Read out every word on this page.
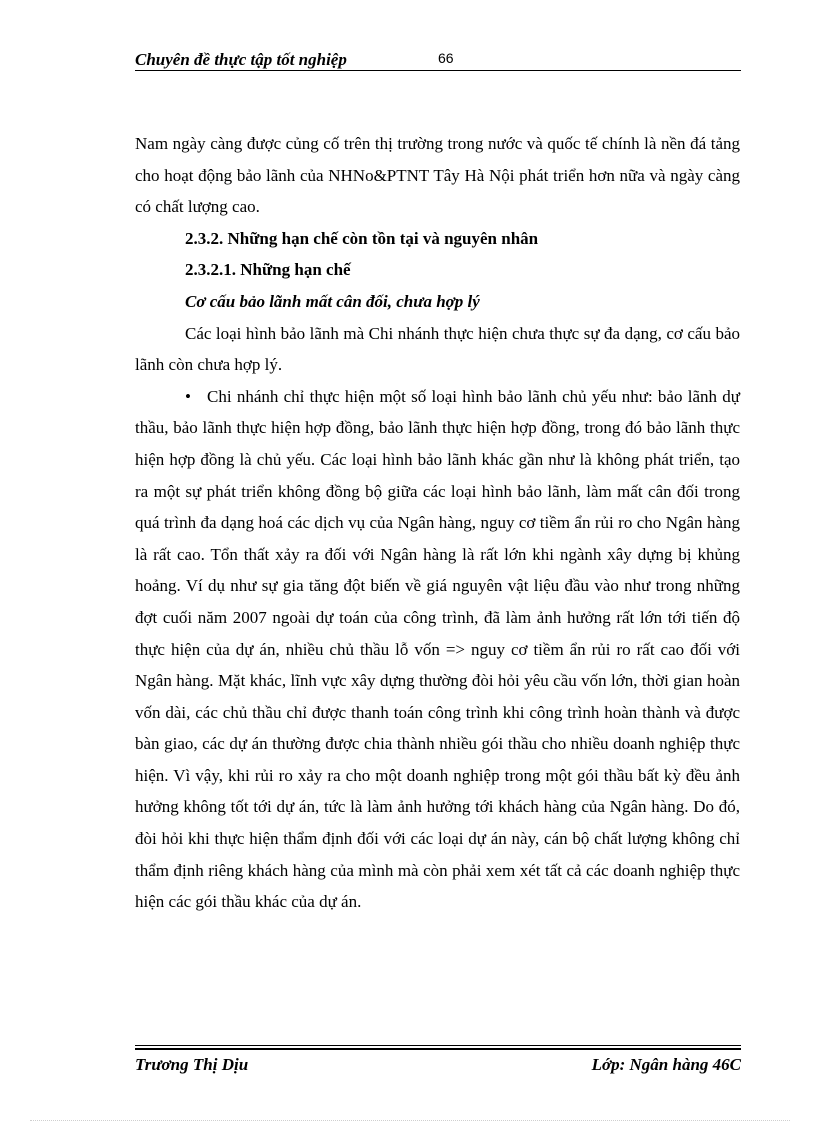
Chuyên đề thực tập tốt nghiệp	66

Nam ngày càng được củng cố trên thị trường trong nước và quốc tế chính là nền đá tảng cho hoạt động bảo lãnh của NHNo&PTNT Tây Hà Nội phát triển hơn nữa và ngày càng có chất lượng cao.

2.3.2. Những hạn chế còn tồn tại và nguyên nhân

2.3.2.1. Những hạn chế

Cơ cấu bảo lãnh mất cân đối, chưa hợp lý

Các loại hình bảo lãnh mà Chi nhánh thực hiện chưa thực sự đa dạng, cơ cấu bảo lãnh còn chưa hợp lý.

• Chi nhánh chỉ thực hiện một số loại hình bảo lãnh chủ yếu như: bảo lãnh dự thầu, bảo lãnh thực hiện hợp đồng, bảo lãnh thực hiện hợp đồng, trong đó bảo lãnh thực hiện hợp đồng là chủ yếu. Các loại hình bảo lãnh khác gần như là không phát triển, tạo ra một sự phát triển không đồng bộ giữa các loại hình bảo lãnh, làm mất cân đối trong quá trình đa dạng hoá các dịch vụ của Ngân hàng, nguy cơ tiềm ẩn rủi ro cho Ngân hàng là rất cao. Tổn thất xảy ra đối với Ngân hàng là rất lớn khi ngành xây dựng bị khủng hoảng. Ví dụ như sự gia tăng đột biến về giá nguyên vật liệu đầu vào như trong những đợt cuối năm 2007 ngoài dự toán của công trình, đã làm ảnh hưởng rất lớn tới tiến độ thực hiện của dự án, nhiều chủ thầu lỗ vốn => nguy cơ tiềm ẩn rủi ro rất cao đối với Ngân hàng. Mặt khác, lĩnh vực xây dựng thường đòi hỏi yêu cầu vốn lớn, thời gian hoàn vốn dài, các chủ thầu chỉ được thanh toán công trình khi công trình hoàn thành và được bàn giao, các dự án thường được chia thành nhiều gói thầu cho nhiều doanh nghiệp thực hiện. Vì vậy, khi rủi ro xảy ra cho một doanh nghiệp trong một gói thầu bất kỳ đều ảnh hưởng không tốt tới dự án, tức là làm ảnh hưởng tới khách hàng của Ngân hàng. Do đó, đòi hỏi khi thực hiện thẩm định đối với các loại dự án này, cán bộ chất lượng không chỉ thẩm định riêng khách hàng của mình mà còn phải xem xét tất cả các doanh nghiệp thực hiện các gói thầu khác của dự án.

Trương Thị Dịu	Lớp: Ngân hàng 46C
